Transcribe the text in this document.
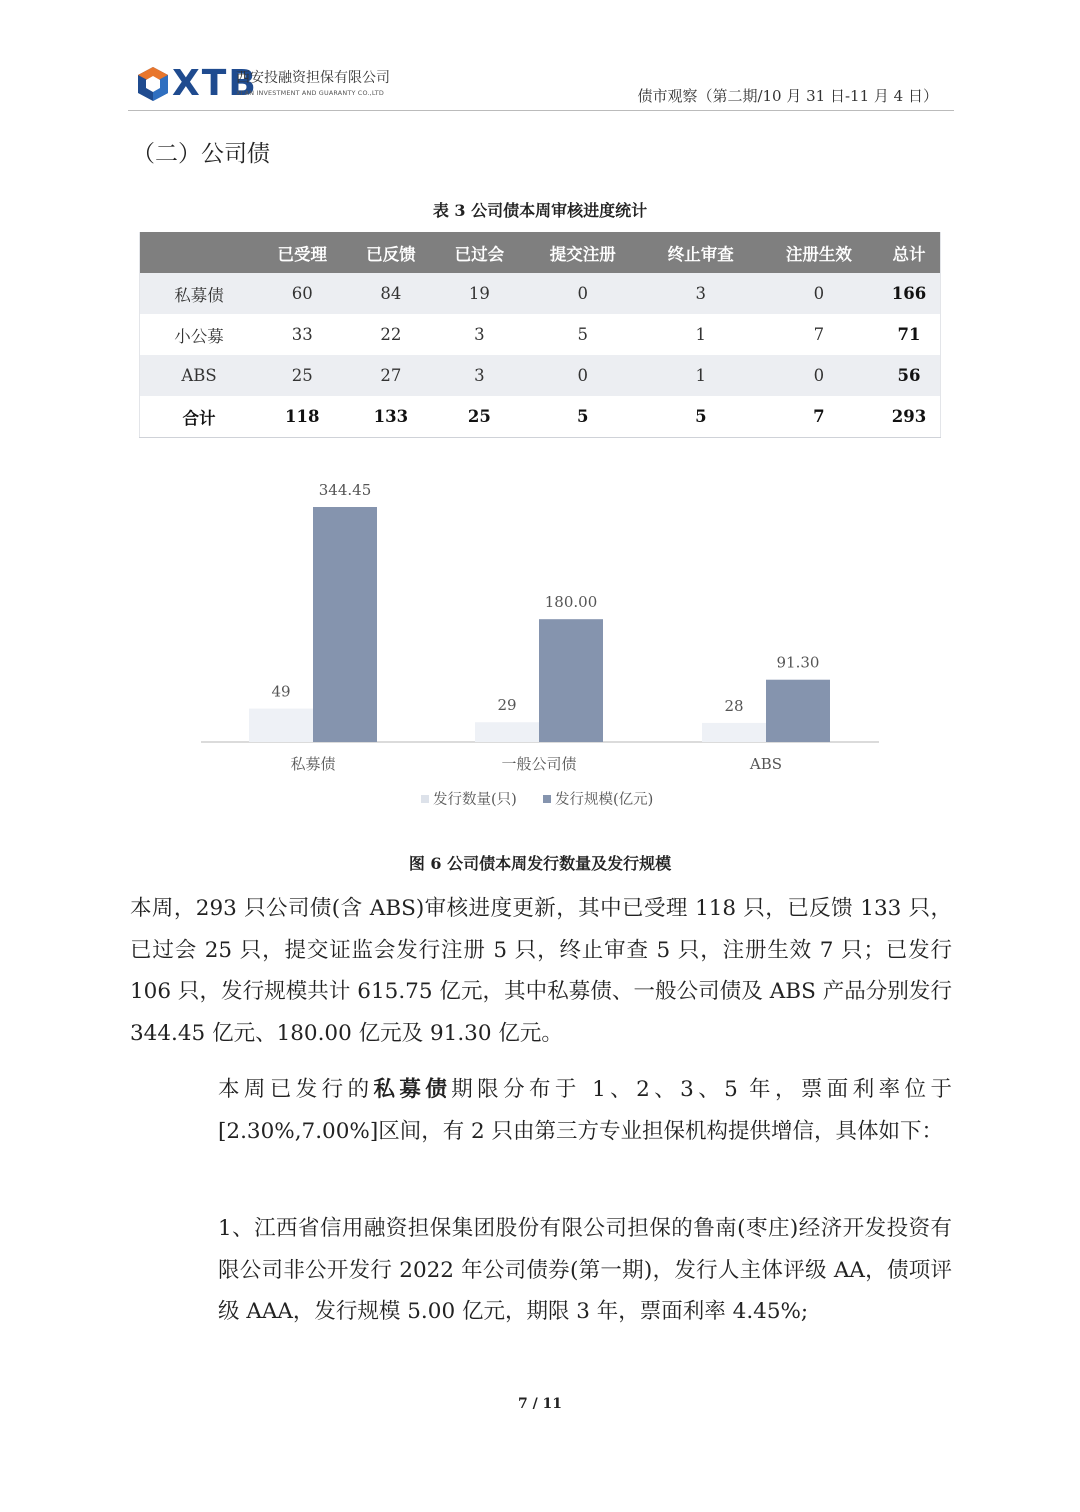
XTB
西安投融资担保有限公司
XI'AN INVESTMENT AND GUARANTY CO.,LTD	债市观察（第二期/10 月 31 日-11 月 4 日）
（二）公司债
表 3 公司债本周审核进度统计
	已受理	已反馈	已过会	提交注册	终止审查	注册生效	总计
私募债	60	84	19	0	3	0	166
小公募	33	22	3	5	1	7	71
ABS	25	27	3	0	1	0	56
合计	118	133	25	5	5	7	293
49
344.45
私募债
29
180.00
一般公司债
28
91.30
ABS
发行数量(只)	发行规模(亿元)
图 6 公司债本周发行数量及发行规模
本周，293 只公司债(含 ABS)审核进度更新，其中已受理 118 只，已反馈 133 只，已过会 25 只，提交证监会发行注册 5 只，终止审查 5 只，注册生效 7 只；已发行 106 只，发行规模共计 615.75 亿元，其中私募债、一般公司债及 ABS 产品分别发行 344.45 亿元、180.00 亿元及 91.30 亿元。
本周已发行的私募债期限分布于 1、2、3、5 年，票面利率位于[2.30%,7.00%]区间，有 2 只由第三方专业担保机构提供增信，具体如下：
1、江西省信用融资担保集团股份有限公司担保的鲁南(枣庄)经济开发投资有限公司非公开发行 2022 年公司债券(第一期)，发行人主体评级 AA，债项评级 AAA，发行规模 5.00 亿元，期限 3 年，票面利率 4.45%;
7 / 11
